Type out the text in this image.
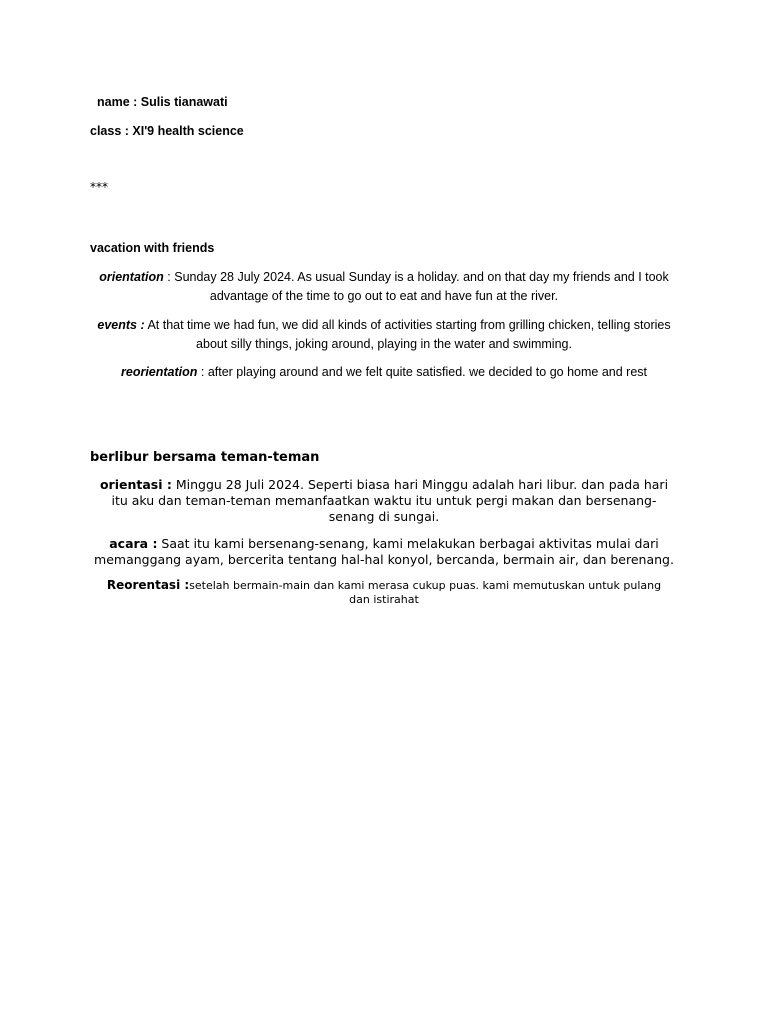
name : Sulis tianawati
class : XI'9 health science
***
vacation with friends
orientation : Sunday 28 July 2024. As usual Sunday is a holiday. and on that day my friends and I took
advantage of the time to go out to eat and have fun at the river.
events : At that time we had fun, we did all kinds of activities starting from grilling chicken, telling stories
about silly things, joking around, playing in the water and swimming.
reorientation : after playing around and we felt quite satisfied. we decided to go home and rest
berlibur bersama teman-teman
orientasi : Minggu 28 Juli 2024. Seperti biasa hari Minggu adalah hari libur. dan pada hari
itu aku dan teman-teman memanfaatkan waktu itu untuk pergi makan dan bersenang-
senang di sungai.
acara : Saat itu kami bersenang-senang, kami melakukan berbagai aktivitas mulai dari
memanggang ayam, bercerita tentang hal-hal konyol, bercanda, bermain air, dan berenang.
Reorentasi :setelah bermain-main dan kami merasa cukup puas. kami memutuskan untuk pulang
dan istirahat
